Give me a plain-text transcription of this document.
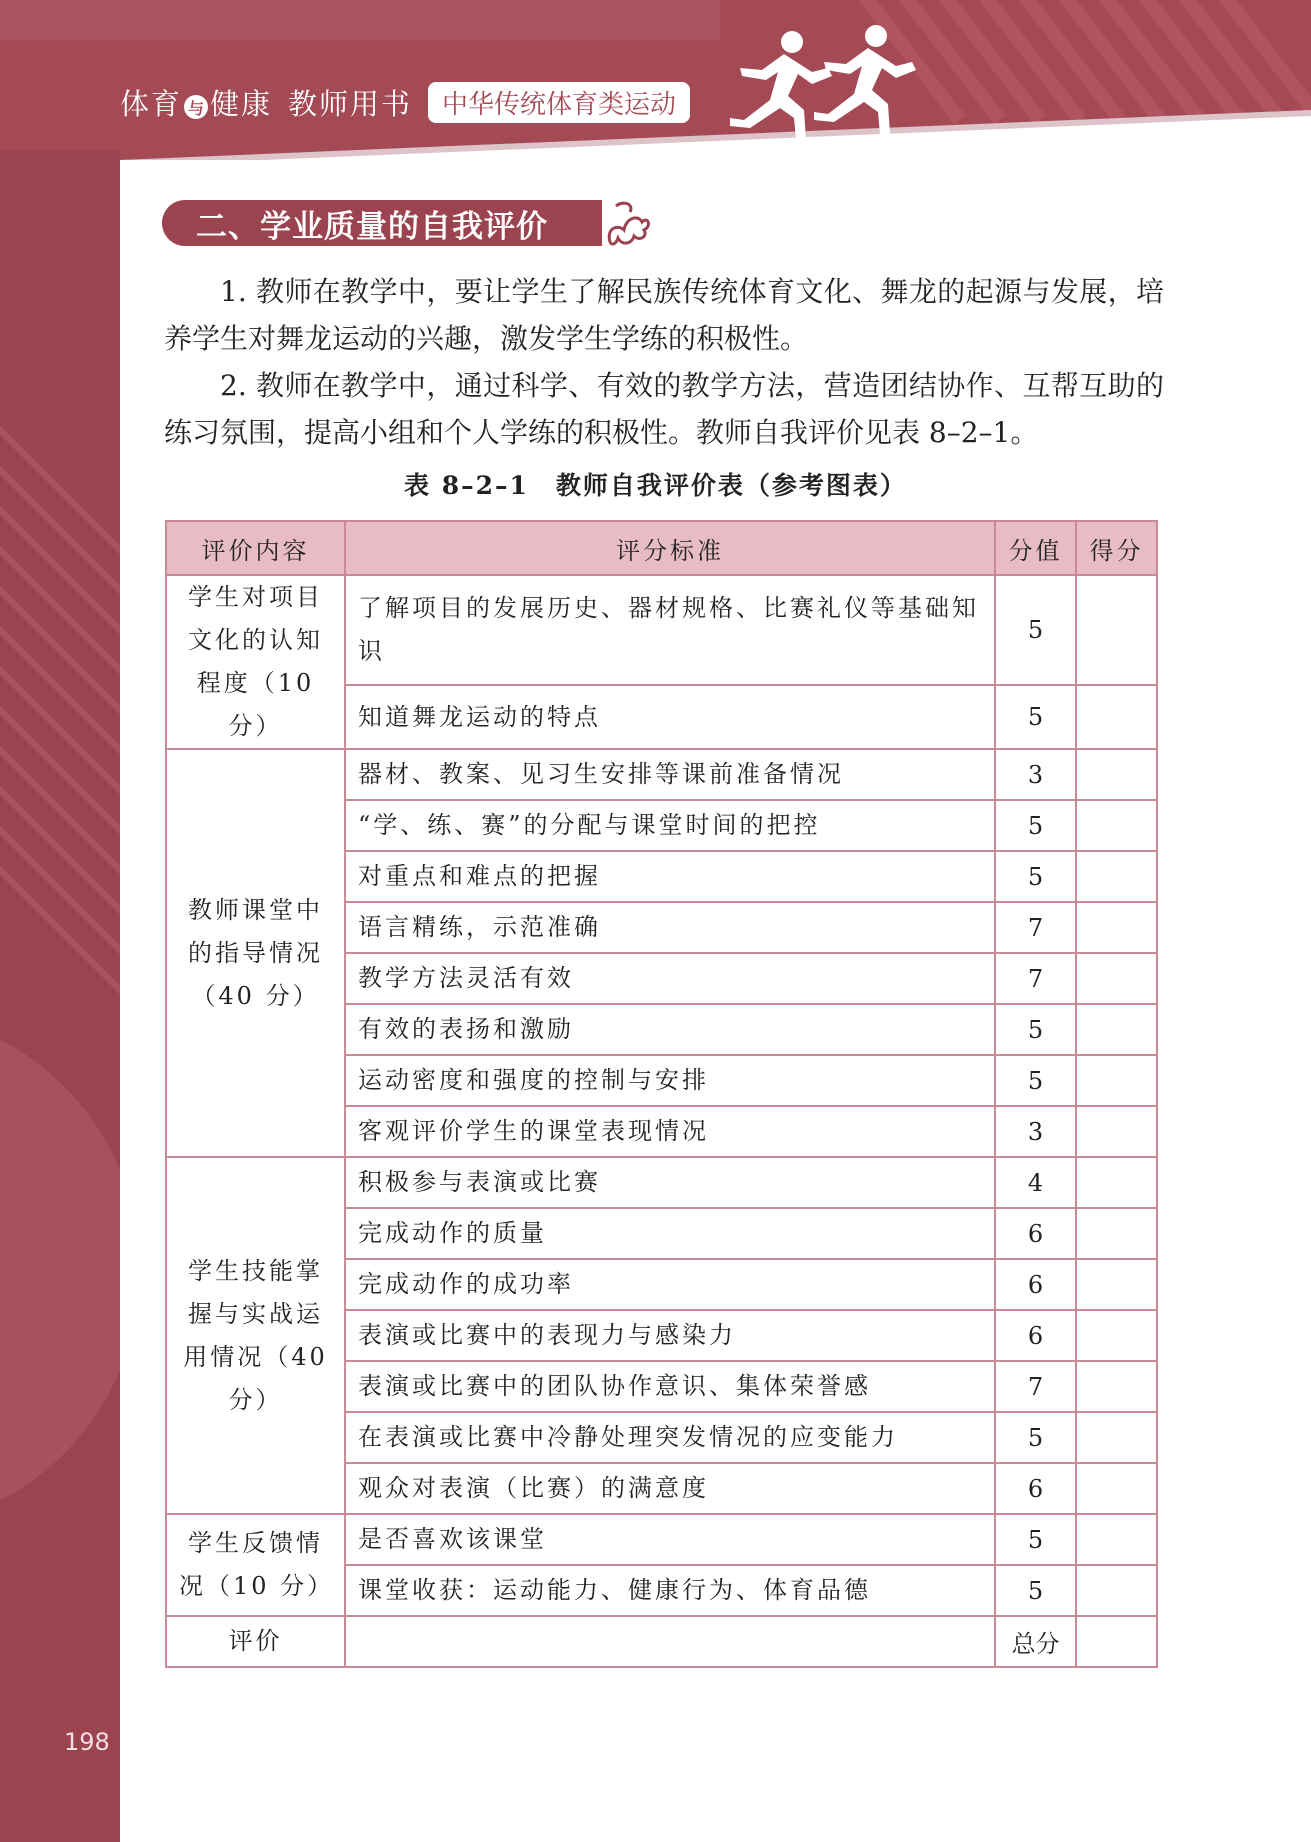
体育 与 健康 教师用书	中华传统体育类运动
二、学业质量的自我评价
1. 教师在教学中，要让学生了解民族传统体育文化、舞龙的起源与发展，培养学生对舞龙运动的兴趣，激发学生学练的积极性。
2. 教师在教学中，通过科学、有效的教学方法，营造团结协作、互帮互助的练习氛围，提高小组和个人学练的积极性。教师自我评价见表 8–2–1。
表 8–2–1　教师自我评价表（参考图表）
评价内容	评分标准	分值	得分
学生对项目文化的认知程度（10 分）	了解项目的发展历史、器材规格、比赛礼仪等基础知识	5	
	知道舞龙运动的特点	5	
教师课堂中的指导情况（40 分）	器材、教案、见习生安排等课前准备情况	3	
	“学、练、赛”的分配与课堂时间的把控	5	
	对重点和难点的把握	5	
	语言精练，示范准确	7	
	教学方法灵活有效	7	
	有效的表扬和激励	5	
	运动密度和强度的控制与安排	5	
	客观评价学生的课堂表现情况	3	
学生技能掌握与实战运用情况（40 分）	积极参与表演或比赛	4	
	完成动作的质量	6	
	完成动作的成功率	6	
	表演或比赛中的表现力与感染力	6	
	表演或比赛中的团队协作意识、集体荣誉感	7	
	在表演或比赛中冷静处理突发情况的应变能力	5	
	观众对表演（比赛）的满意度	6	
学生反馈情况（10 分）	是否喜欢该课堂	5	
	课堂收获：运动能力、健康行为、体育品德	5	
评价		总分	
198
